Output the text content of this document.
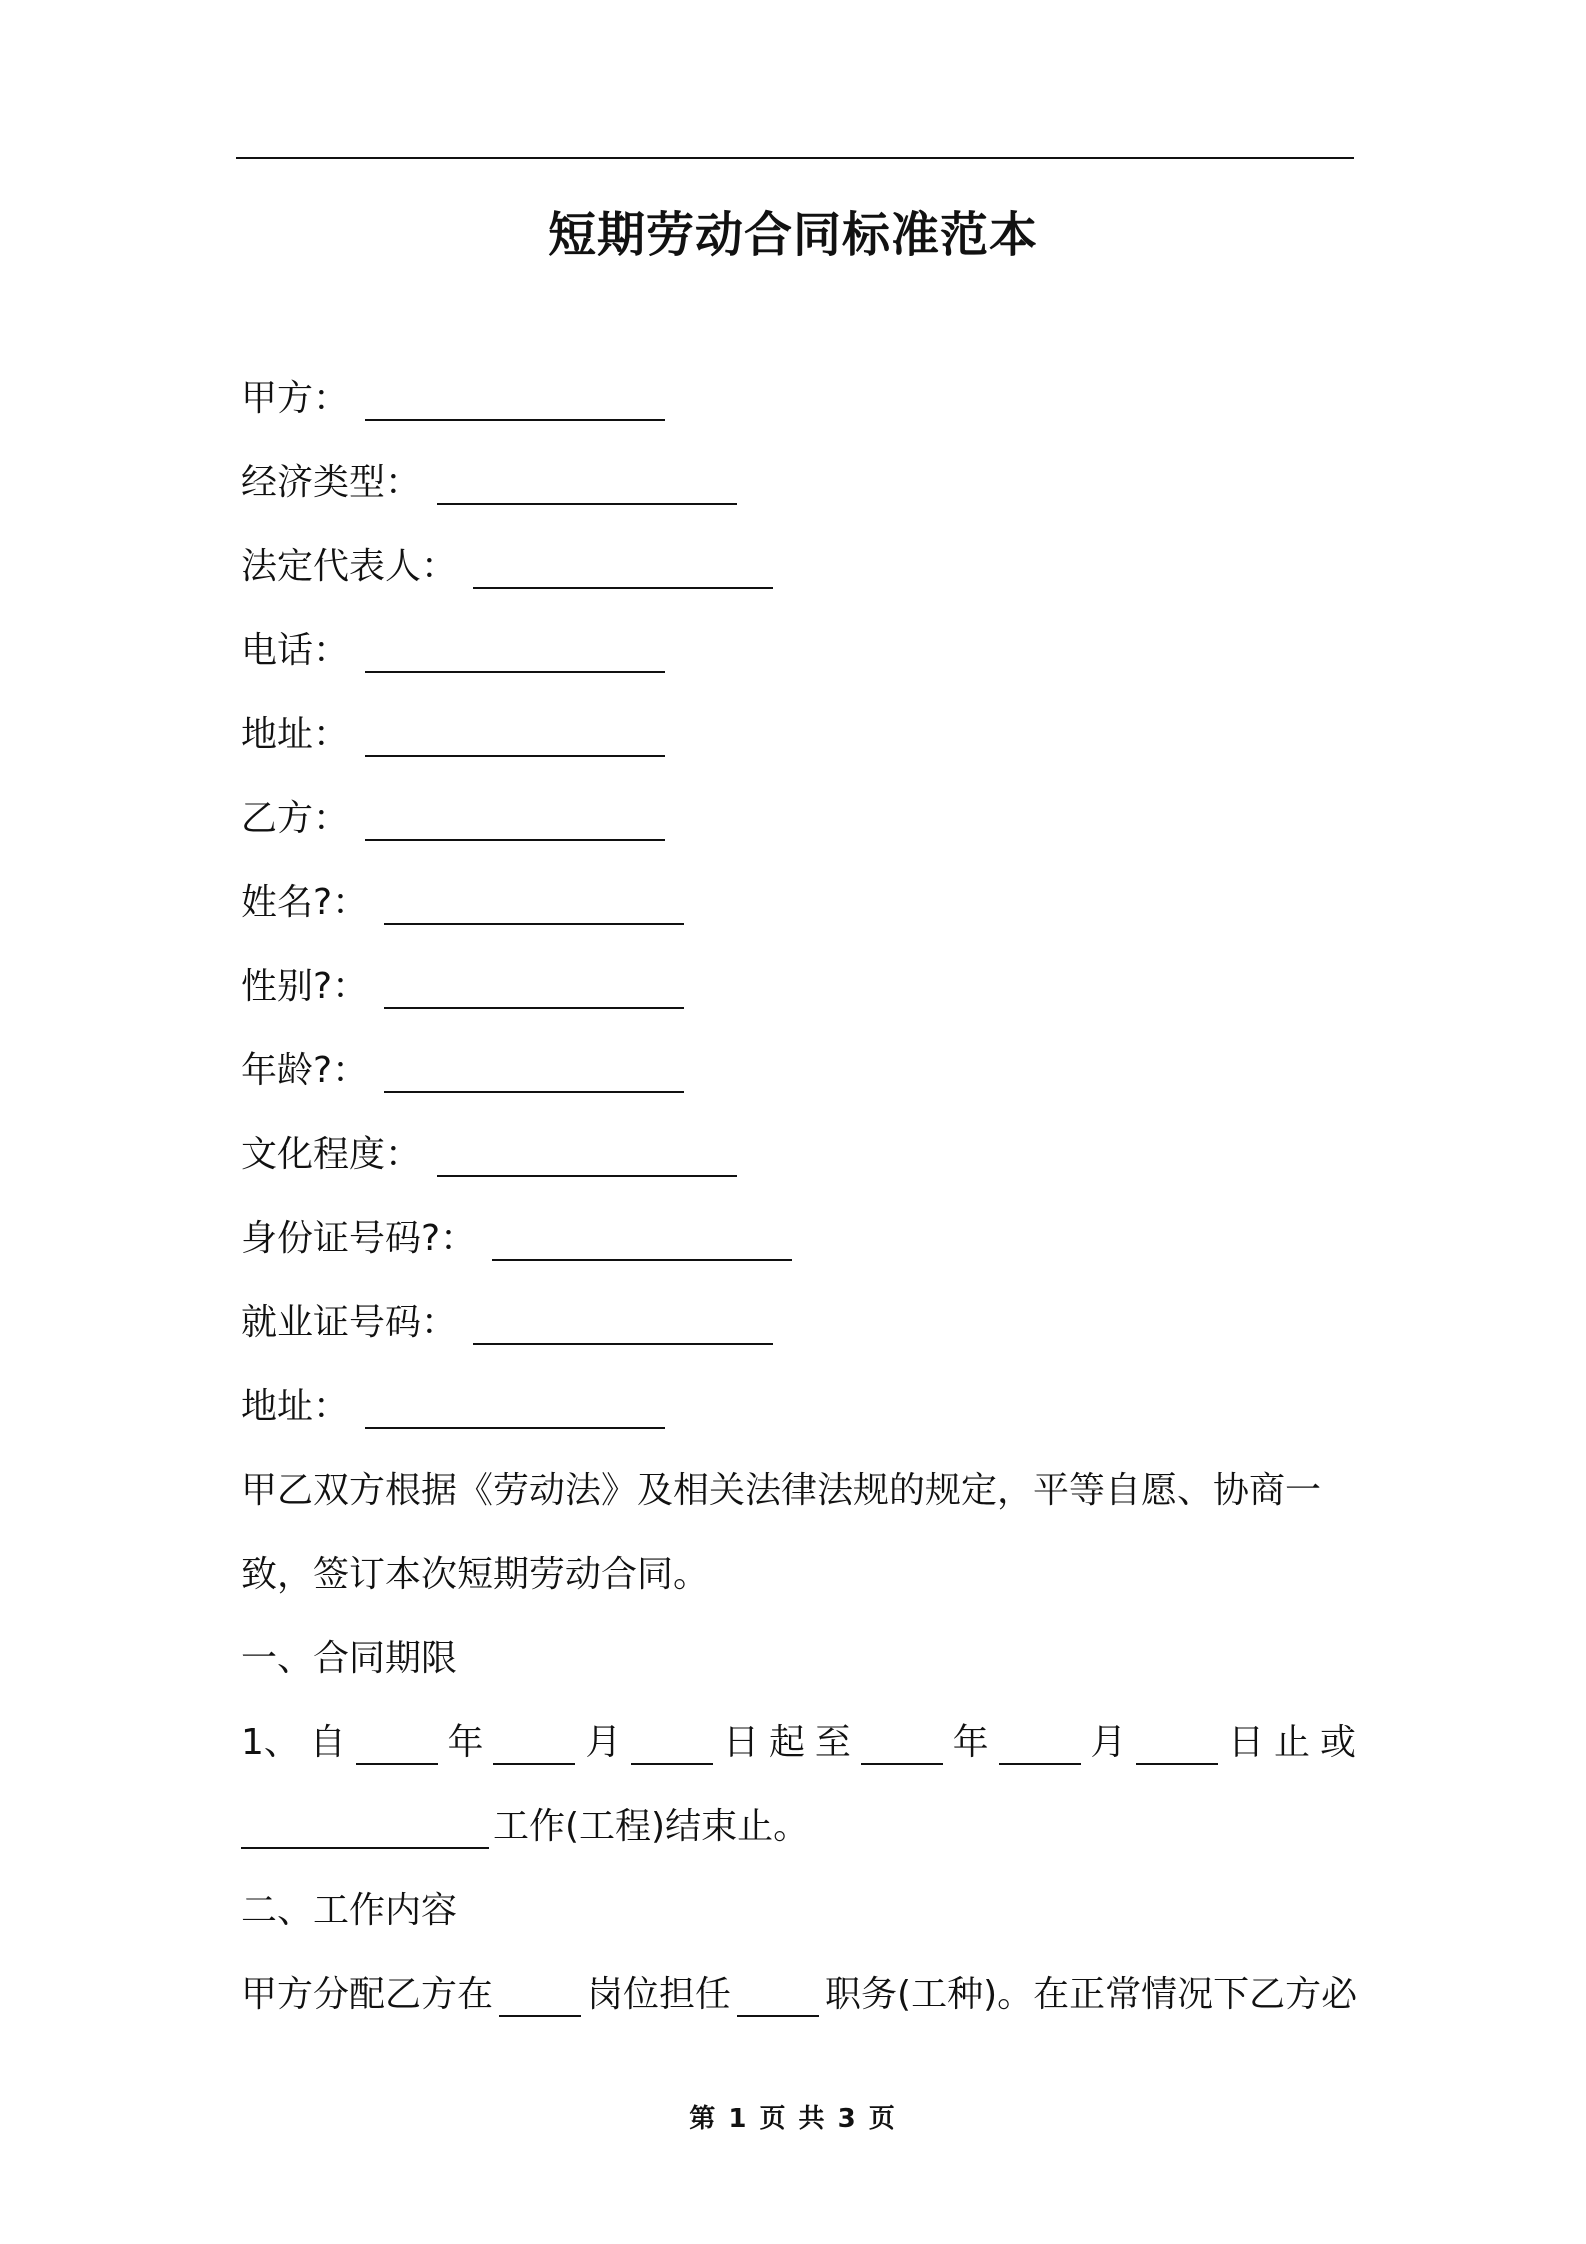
短期劳动合同标准范本
甲方：
经济类型：
法定代表人：
电话：
地址：
乙方：
姓名?：
性别?：
年龄?：
文化程度：
身份证号码?：
就业证号码：
地址：
甲乙双方根据《劳动法》及相关法律法规的规定，平等自愿、协商一
致，签订本次短期劳动合同。
一、合同期限
1、 自	年	月	日 起 至	年	月	日 止 或
工作(工程)结束止。
二、工作内容
甲方分配乙方在	岗位担任	职务(工种)。在正常情况下乙方必
第 1 页 共 3 页
